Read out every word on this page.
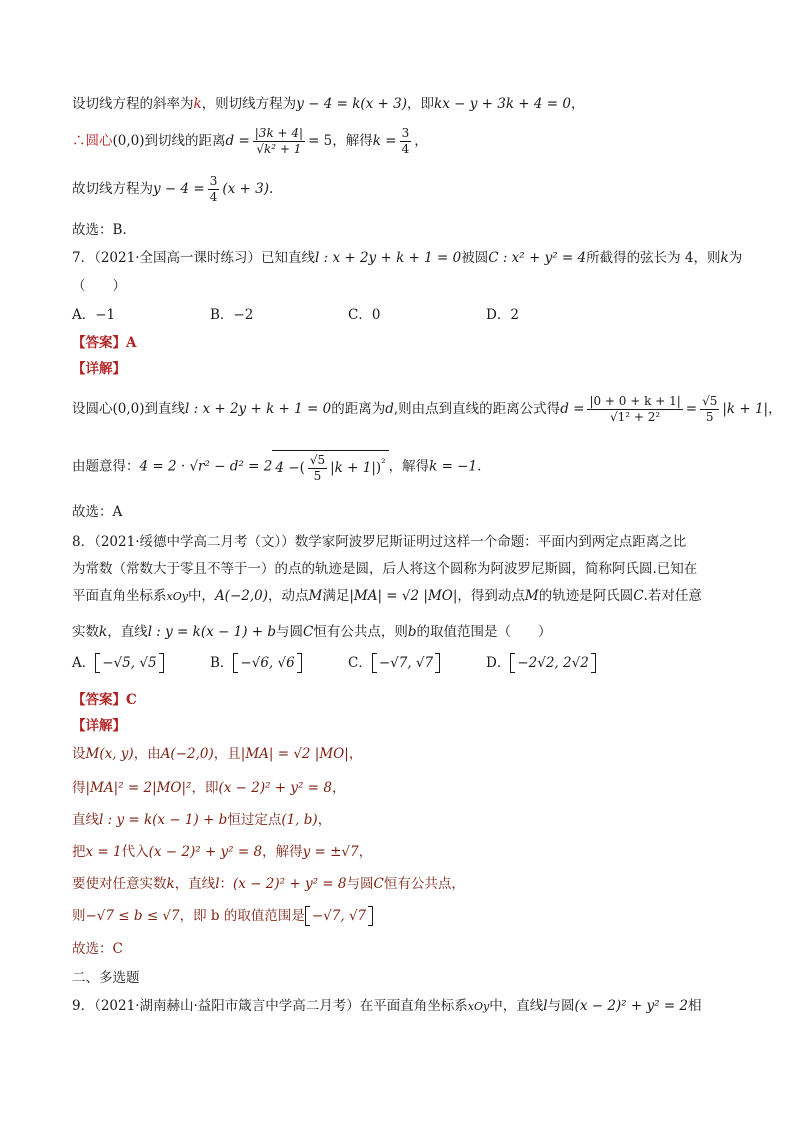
设切线方程的斜率为k，则切线方程为y − 4 = k(x + 3)，即kx − y + 3k + 4 = 0，
∴圆心(0,0)到切线的距离$d = \frac{|3k + 4|}{\text{√k² + 1}} = 5$，解得$k = \frac{3}{4}$ ，
故切线方程为$y - 4 = \frac{3}{4} (x + 3)$.
故选：B.
7．（2021·全国高一课时练习）已知直线l : x + 2y + k + 1 = 0被圆C : x² + y² = 4所截得的弦长为 4，则k为
（　　）
A．−1	B．−2	C．0	D．2
【答案】A
【详解】
设圆心(0,0)到直线l : x + 2y + k + 1 = 0的距离为d,则由点到直线的距离公式得$d = \frac{|0 + 0 + k + 1|}{\text{√1² + 2²}} = \frac{√5}{5} |k + 1|$，
由题意得：4 = 2 · √r² − d² = 2 4 −( $\frac{√5}{5} |k + 1|)^{^2}$ ，解得k = −1.
故选：A
8．（2021·绥德中学高二月考（文））数学家阿波罗尼斯证明过这样一个命题：平面内到两定点距离之比
为常数（常数大于零且不等于一）的点的轨迹是圆，后人将这个圆称为阿波罗尼斯圆，简称阿氏圆.已知在
平面直角坐标系xOy中，A(−2,0)，动点M满足|MA| = √2 |MO|，得到动点M的轨迹是阿氏圆C.若对任意
实数k，直线l : y = k(x − 1) + b与圆C恒有公共点，则b的取值范围是（　　）
A． −√5, √5	B． −√6, √6	C． −√7, √7	D． −2√2, 2√2
【答案】C
【详解】
设M(x, y)，由A(−2,0)，且|MA| = √2 |MO|，
得|MA|² = 2|MO|²，即(x − 2)² + y² = 8，
直线l : y = k(x − 1) + b恒过定点(1, b)，
把x = 1代入(x − 2)² + y² = 8，解得y = ±√7，
要使对任意实数k，直线l：(x − 2)² + y² = 8与圆C恒有公共点，
则−√7 ≤ b ≤ √7，即 b 的取值范围是 −√7, √7
故选：C
二、多选题
9．（2021·湖南赫山·益阳市箴言中学高二月考）在平面直角坐标系xOy中，直线l与圆(x − 2)² + y² = 2相
